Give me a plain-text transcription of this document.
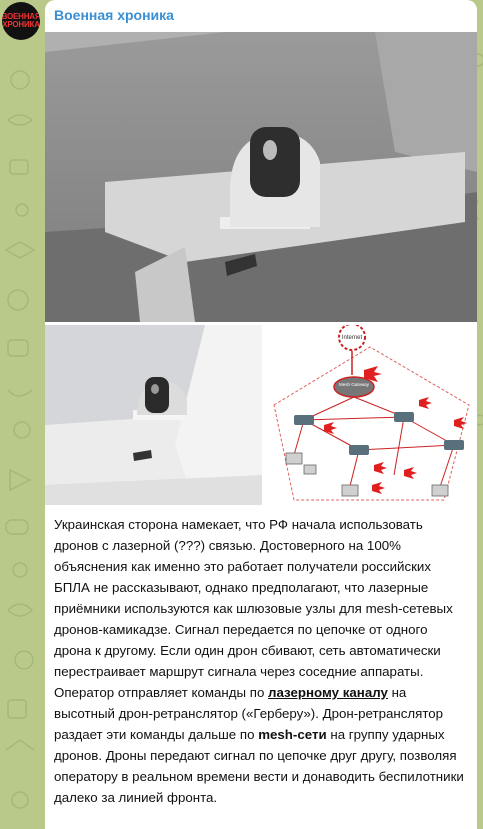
ВОЕННАЯ
ХРОНИКА
Военная хроника
Internet
Mesh Gateway
Украинская сторона намекает, что РФ начала использовать дронов с лазерной (???) связью. Достоверного на 100% объяснения как именно это работает получатели российских БПЛА не рассказывают, однако предполагают, что лазерные приёмники используются как шлюзовые узлы для mesh-сетевых дронов-камикадзе. Сигнал передается по цепочке от одного дрона к другому. Если один дрон сбивают, сеть автоматически перестраивает маршрут сигнала через соседние аппараты. Оператор отправляет команды по лазерному каналу на высотный дрон-ретранслятор («Герберу»). Дрон-ретранслятор раздает эти команды дальше по mesh-сети на группу ударных дронов. Дроны передают сигнал по цепочке друг другу, позволяя оператору в реальном времени вести и донаводить беспилотники далеко за линией фронта.
